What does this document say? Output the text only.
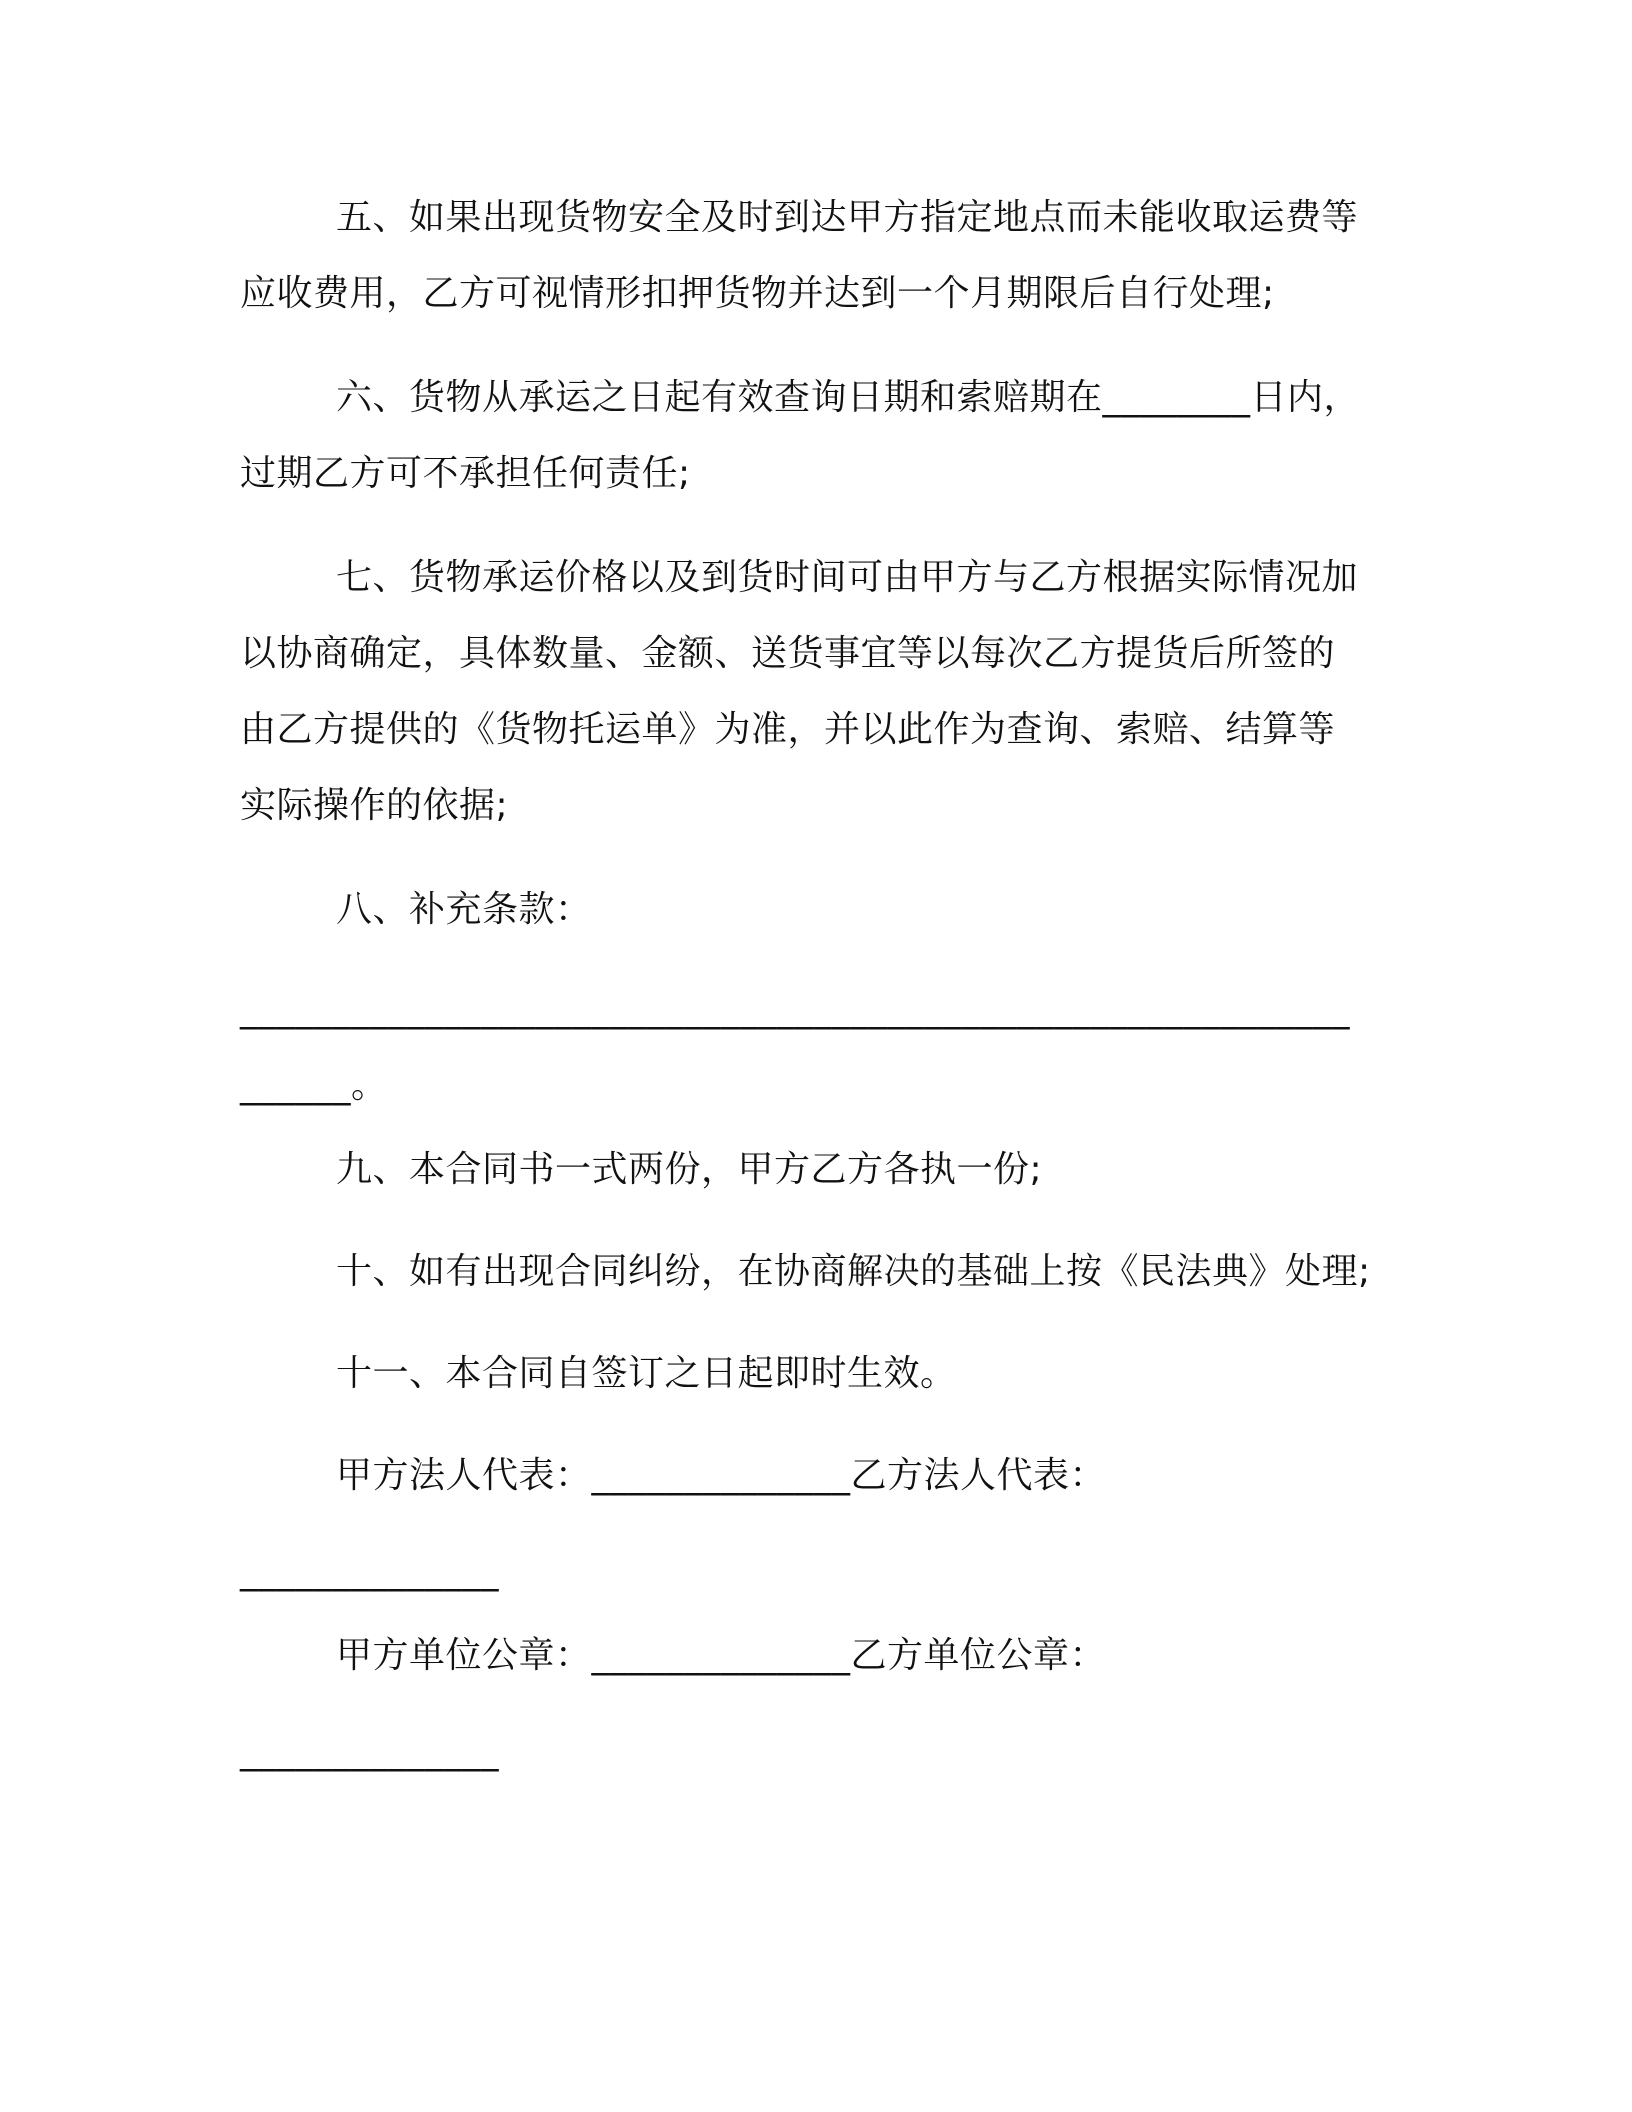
五、如果出现货物安全及时到达甲方指定地点而未能收取运费等
应收费用，乙方可视情形扣押货物并达到一个月期限后自行处理;
六、货物从承运之日起有效查询日期和索赔期在________日内，
过期乙方可不承担任何责任;
七、货物承运价格以及到货时间可由甲方与乙方根据实际情况加
以协商确定，具体数量、金额、送货事宜等以每次乙方提货后所签的
由乙方提供的《货物托运单》为准，并以此作为查询、索赔、结算等
实际操作的依据;
八、补充条款：
____________________________________________________________
______。
九、本合同书一式两份，甲方乙方各执一份;
十、如有出现合同纠纷，在协商解决的基础上按《民法典》处理;
十一、本合同自签订之日起即时生效。
甲方法人代表：______________乙方法人代表：
______________
甲方单位公章：______________乙方单位公章：
______________
